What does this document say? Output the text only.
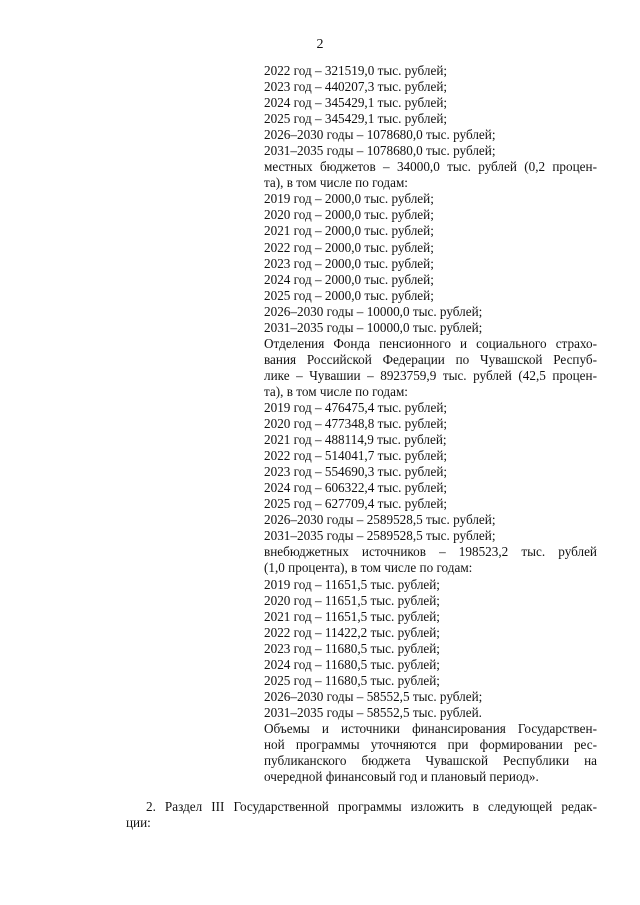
2
2022 год – 321519,0 тыс. рублей;
2023 год – 440207,3 тыс. рублей;
2024 год – 345429,1 тыс. рублей;
2025 год – 345429,1 тыс. рублей;
2026–2030 годы – 1078680,0 тыс. рублей;
2031–2035 годы – 1078680,0 тыс. рублей;
местных бюджетов – 34000,0 тыс. рублей (0,2 процен-
та), в том числе по годам:
2019 год – 2000,0 тыс. рублей;
2020 год – 2000,0 тыс. рублей;
2021 год – 2000,0 тыс. рублей;
2022 год – 2000,0 тыс. рублей;
2023 год – 2000,0 тыс. рублей;
2024 год – 2000,0 тыс. рублей;
2025 год – 2000,0 тыс. рублей;
2026–2030 годы – 10000,0 тыс. рублей;
2031–2035 годы – 10000,0 тыс. рублей;
Отделения Фонда пенсионного и социального страхо-
вания Российской Федерации по Чувашской Респуб-
лике – Чувашии – 8923759,9 тыс. рублей (42,5 процен-
та), в том числе по годам:
2019 год – 476475,4 тыс. рублей;
2020 год – 477348,8 тыс. рублей;
2021 год – 488114,9 тыс. рублей;
2022 год – 514041,7 тыс. рублей;
2023 год – 554690,3 тыс. рублей;
2024 год – 606322,4 тыс. рублей;
2025 год – 627709,4 тыс. рублей;
2026–2030 годы – 2589528,5 тыс. рублей;
2031–2035 годы – 2589528,5 тыс. рублей;
внебюджетных источников – 198523,2 тыс. рублей
(1,0 процента), в том числе по годам:
2019 год – 11651,5 тыс. рублей;
2020 год – 11651,5 тыс. рублей;
2021 год – 11651,5 тыс. рублей;
2022 год – 11422,2 тыс. рублей;
2023 год – 11680,5 тыс. рублей;
2024 год – 11680,5 тыс. рублей;
2025 год – 11680,5 тыс. рублей;
2026–2030 годы – 58552,5 тыс. рублей;
2031–2035 годы – 58552,5 тыс. рублей.
Объемы и источники финансирования Государствен-
ной программы уточняются при формировании рес-
публиканского бюджета Чувашской Республики на
очередной финансовый год и плановый период».
2. Раздел III Государственной программы изложить в следующей редак-
ции:
